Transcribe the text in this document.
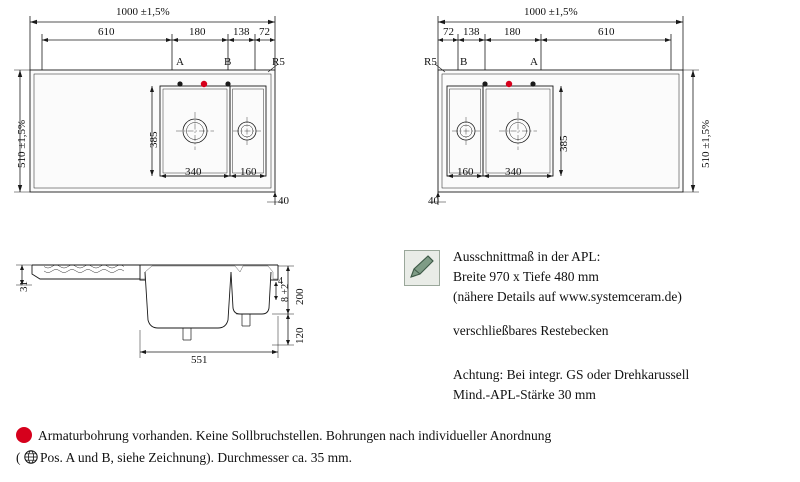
1000 ±1,5%
610	180	138 72
A	B	R5
510 ±1,5%	385
340	160
40
1000 ±1,5%
72 138 180	610
R5 B	A
510 ±1,5%
385
340
160
40
31
200
8 +2
4
120
551
Ausschnittmaß in der APL:
Breite 970 x Tiefe 480 mm
(nähere Details auf www.systemceram.de)
verschließbares Restebecken
Achtung: Bei integr. GS oder Drehkarussell
Mind.-APL-Stärke 30 mm
Armaturbohrung vorhanden. Keine Sollbruchstellen. Bohrungen nach individueller Anordnung
( Pos. A und B, siehe Zeichnung). Durchmesser ca. 35 mm.
